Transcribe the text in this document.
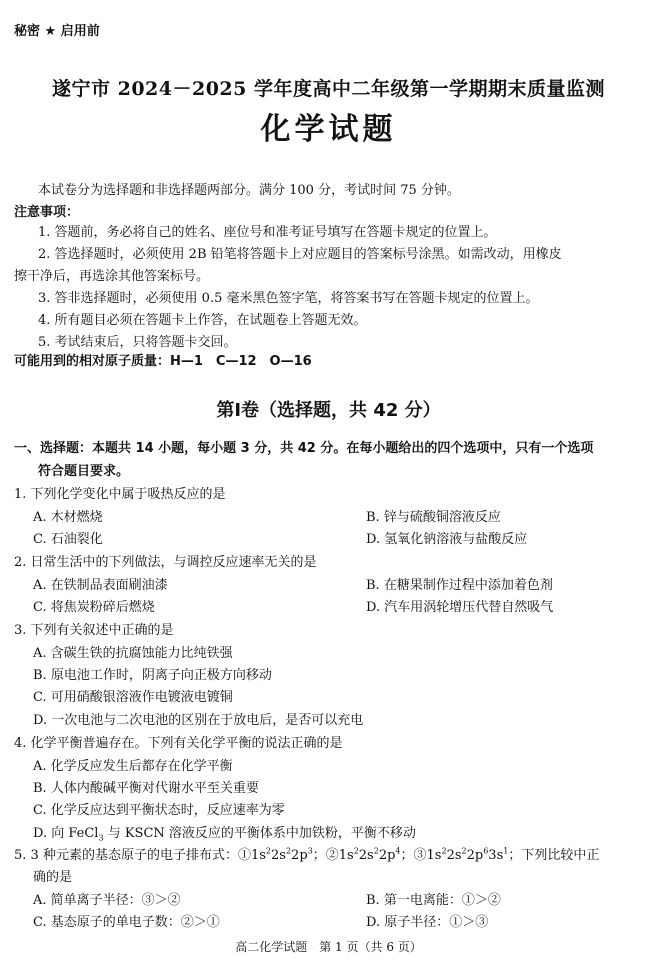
秘密 ★ 启用前
遂宁市 2024－2025 学年度高中二年级第一学期期末质量监测
化学试题
本试卷分为选择题和非选择题两部分。满分 100 分，考试时间 75 分钟。
注意事项：
1. 答题前，务必将自己的姓名、座位号和准考证号填写在答题卡规定的位置上。
2. 答选择题时，必须使用 2B 铅笔将答题卡上对应题目的答案标号涂黑。如需改动，用橡皮
擦干净后，再选涂其他答案标号。
3. 答非选择题时，必须使用 0.5 毫米黑色签字笔，将答案书写在答题卡规定的位置上。
4. 所有题目必须在答题卡上作答，在试题卷上答题无效。
5. 考试结束后，只将答题卡交回。
可能用到的相对原子质量：H—1　C—12　O—16
第Ⅰ卷（选择题，共 42 分）
一、选择题：本题共 14 小题，每小题 3 分，共 42 分。在每小题给出的四个选项中，只有一个选项
符合题目要求。
1. 下列化学变化中属于吸热反应的是
A. 木材燃烧	B. 锌与硫酸铜溶液反应
C. 石油裂化	D. 氢氧化钠溶液与盐酸反应
2. 日常生活中的下列做法，与调控反应速率无关的是
A. 在铁制品表面刷油漆	B. 在糖果制作过程中添加着色剂
C. 将焦炭粉碎后燃烧	D. 汽车用涡轮增压代替自然吸气
3. 下列有关叙述中正确的是
A. 含碳生铁的抗腐蚀能力比纯铁强
B. 原电池工作时，阴离子向正极方向移动
C. 可用硝酸银溶液作电镀液电镀铜
D. 一次电池与二次电池的区别在于放电后，是否可以充电
4. 化学平衡普遍存在。下列有关化学平衡的说法正确的是
A. 化学反应发生后都存在化学平衡
B. 人体内酸碱平衡对代谢水平至关重要
C. 化学反应达到平衡状态时，反应速率为零
D. 向 FeCl$_3$ 与 KSCN 溶液反应的平衡体系中加铁粉，平衡不移动
5. 3 种元素的基态原子的电子排布式：$①1s^22s^22p^3$；$②1s^22s^22p^4$；$③1s^22s^22p^63s^1$；下列比较中正
确的是
A. 简单离子半径：③＞②	B. 第一电离能：①＞②
C. 基态原子的单电子数：②＞①	D. 原子半径：①＞③
高二化学试题　第 1 页（共 6 页）
